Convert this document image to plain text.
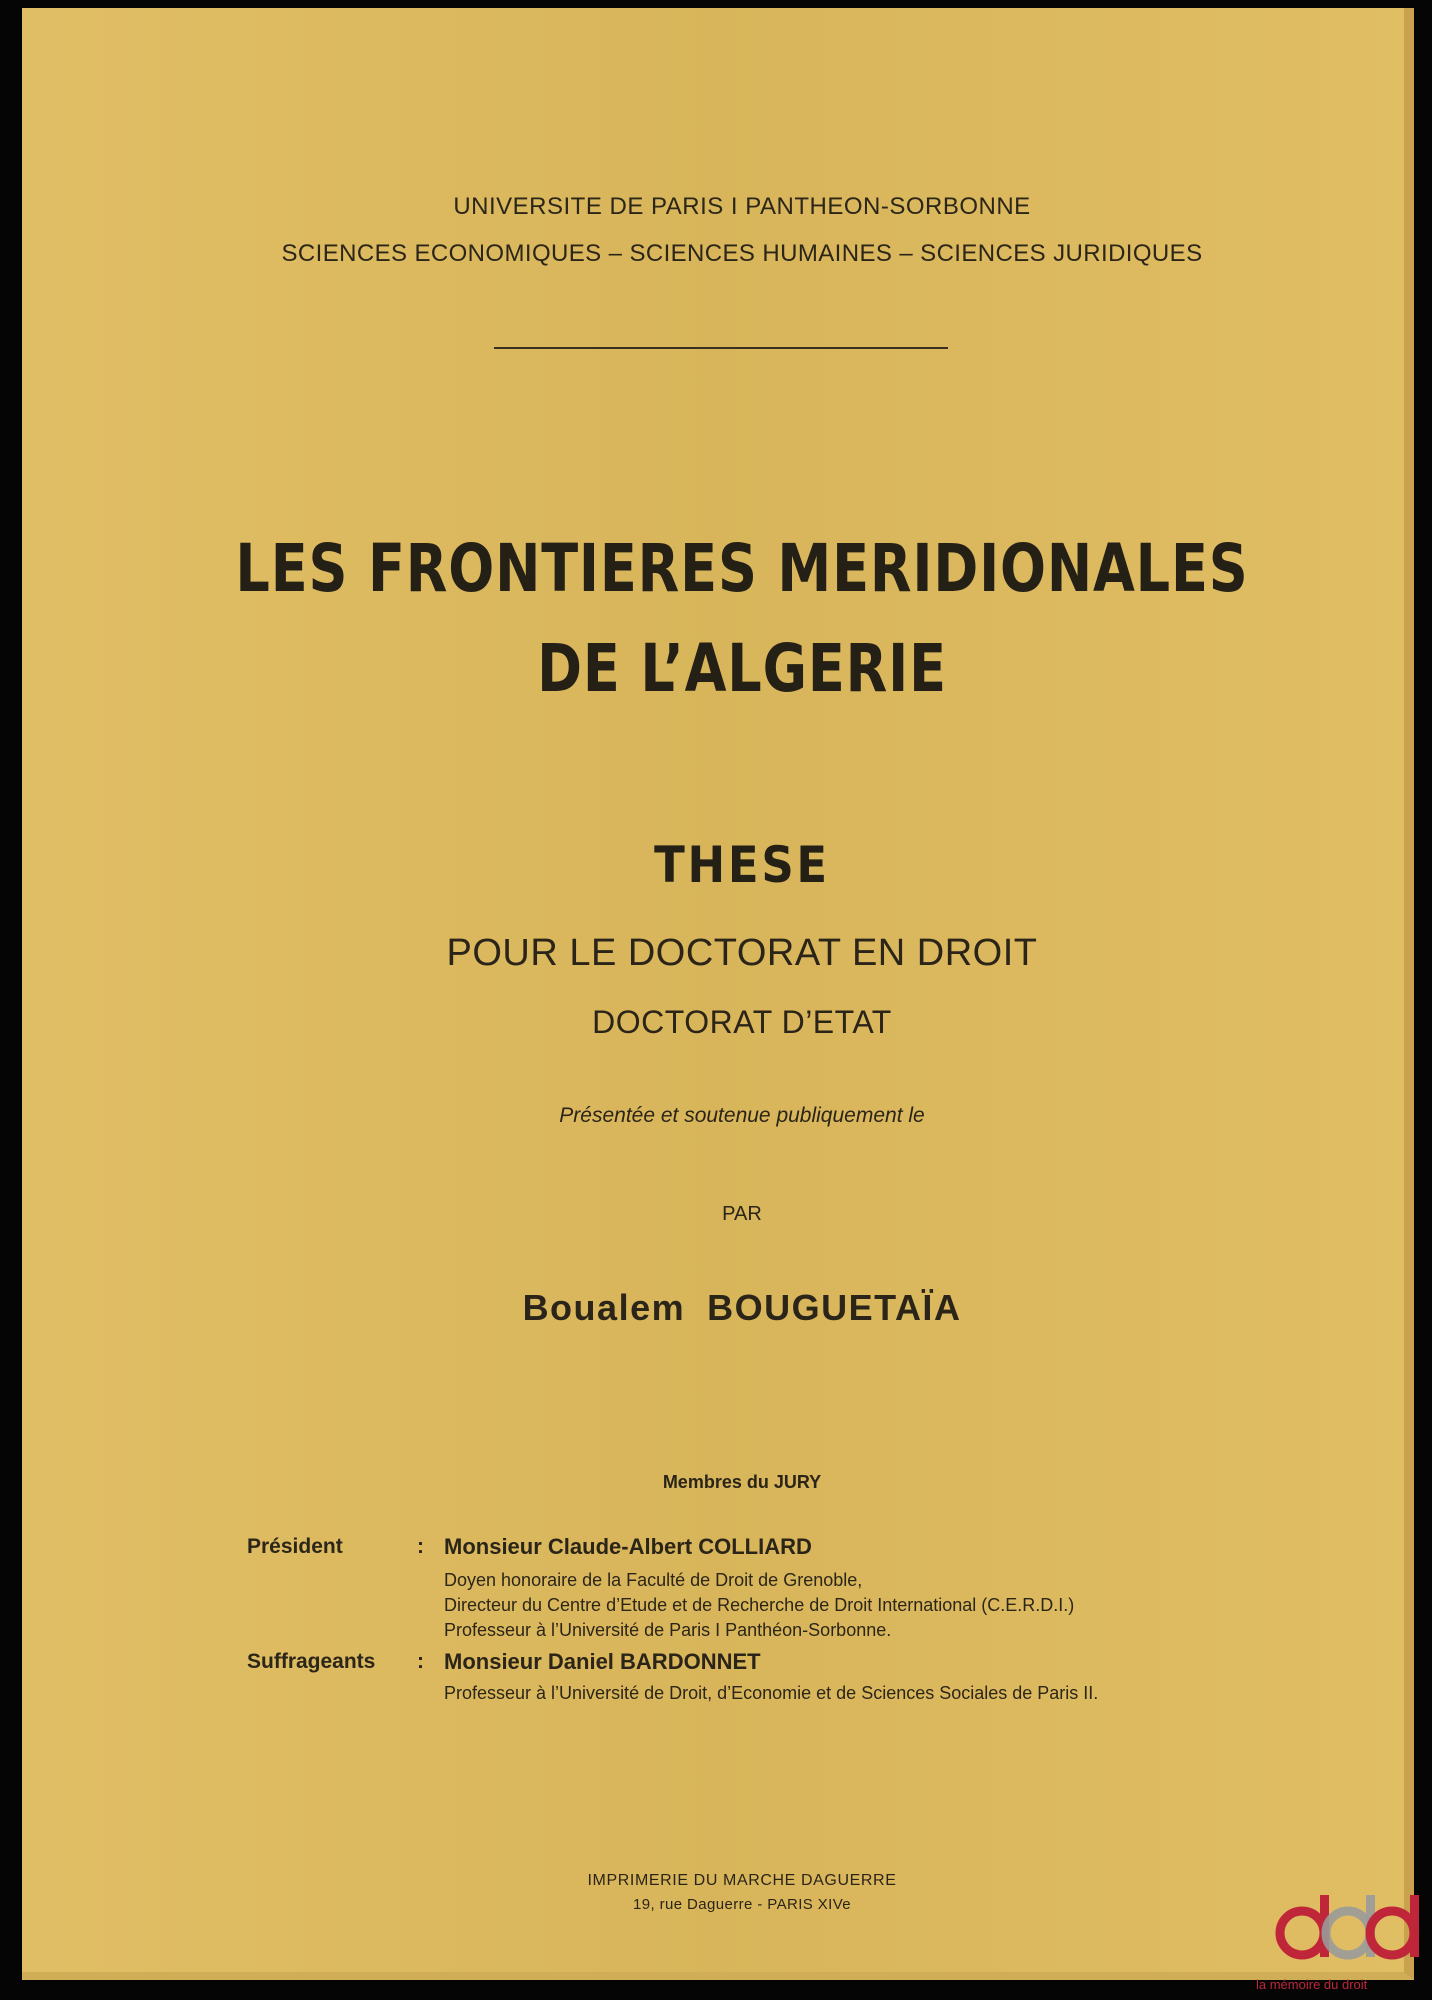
UNIVERSITE DE PARIS I PANTHEON-SORBONNE
SCIENCES ECONOMIQUES – SCIENCES HUMAINES – SCIENCES JURIDIQUES
LES FRONTIERES MERIDIONALES
DE L’ALGERIE
THESE
POUR LE DOCTORAT EN DROIT
DOCTORAT D’ETAT
Présentée et soutenue publiquement le
PAR
Boualem BOUGUETAÏA
Membres du JURY
Président	: Monsieur Claude-Albert COLLIARD
Doyen honoraire de la Faculté de Droit de Grenoble,
Directeur du Centre d’Etude et de Recherche de Droit International (C.E.R.D.I.)
Professeur à l’Université de Paris I Panthéon-Sorbonne.
Suffrageants : Monsieur Daniel BARDONNET
Professeur à l’Université de Droit, d’Economie et de Sciences Sociales de Paris II.
IMPRIMERIE DU MARCHE DAGUERRE
19, rue Daguerre - PARIS XIVe
la mémoire du droit
